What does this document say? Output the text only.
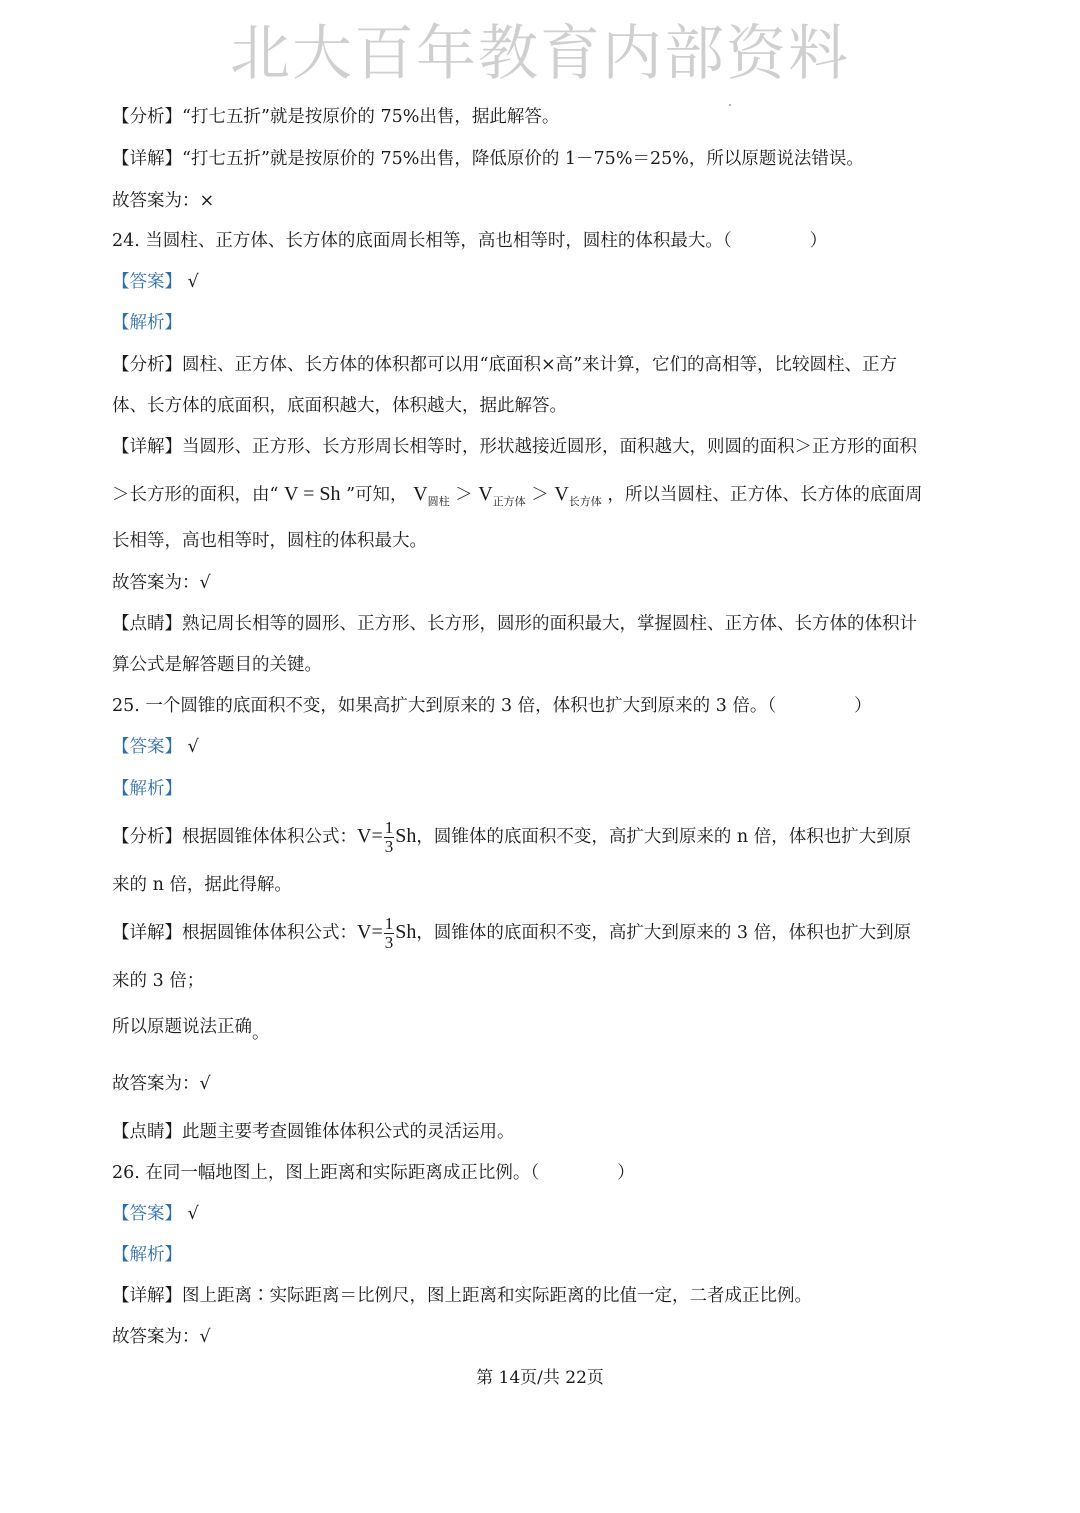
北大百年教育内部资料
【分析】“打七五折”就是按原价的 75%出售，据此解答。
【详解】“打七五折”就是按原价的 75%出售，降低原价的 1－75%＝25%，所以原题说法错误。
故答案为：×
24. 当圆柱、正方体、长方体的底面周长相等，高也相等时，圆柱的体积最大。（	）
【答案】 √
【解析】
【分析】圆柱、正方体、长方体的体积都可以用“底面积×高”来计算，它们的高相等，比较圆柱、正方
体、长方体的底面积，底面积越大，体积越大，据此解答。
【详解】当圆形、正方形、长方形周长相等时，形状越接近圆形，面积越大，则圆的面积＞正方形的面积
＞长方形的面积，由“ V = Sh ”可知， $V_{圆柱} > V_{正方体} > V_{长方体}$ ，所以当圆柱、正方体、长方体的底面周
长相等，高也相等时，圆柱的体积最大。
故答案为：√
【点睛】熟记周长相等的圆形、正方形、长方形，圆形的面积最大，掌握圆柱、正方体、长方体的体积计
算公式是解答题目的关键。
25. 一个圆锥的底面积不变，如果高扩大到原来的 3 倍，体积也扩大到原来的 3 倍。（	）
【答案】 √
【解析】
【分析】根据圆锥体体积公式：$V= \frac{1}{3}$ Sh，圆锥体的底面积不变，高扩大到原来的 n 倍，体积也扩大到原
来的 n 倍，据此得解。
【详解】根据圆锥体体积公式：$V= \frac{1}{3}$ Sh，圆锥体的底面积不变，高扩大到原来的 3 倍，体积也扩大到原
来的 3 倍；
所以原题说法正确。
故答案为：√
【点睛】此题主要考查圆锥体体积公式的灵活运用。
26. 在同一幅地图上，图上距离和实际距离成正比例。（	）
【答案】 √
【解析】
【详解】图上距离∶实际距离＝比例尺，图上距离和实际距离的比值一定，二者成正比例。
故答案为：√
第 14页/共 22页
